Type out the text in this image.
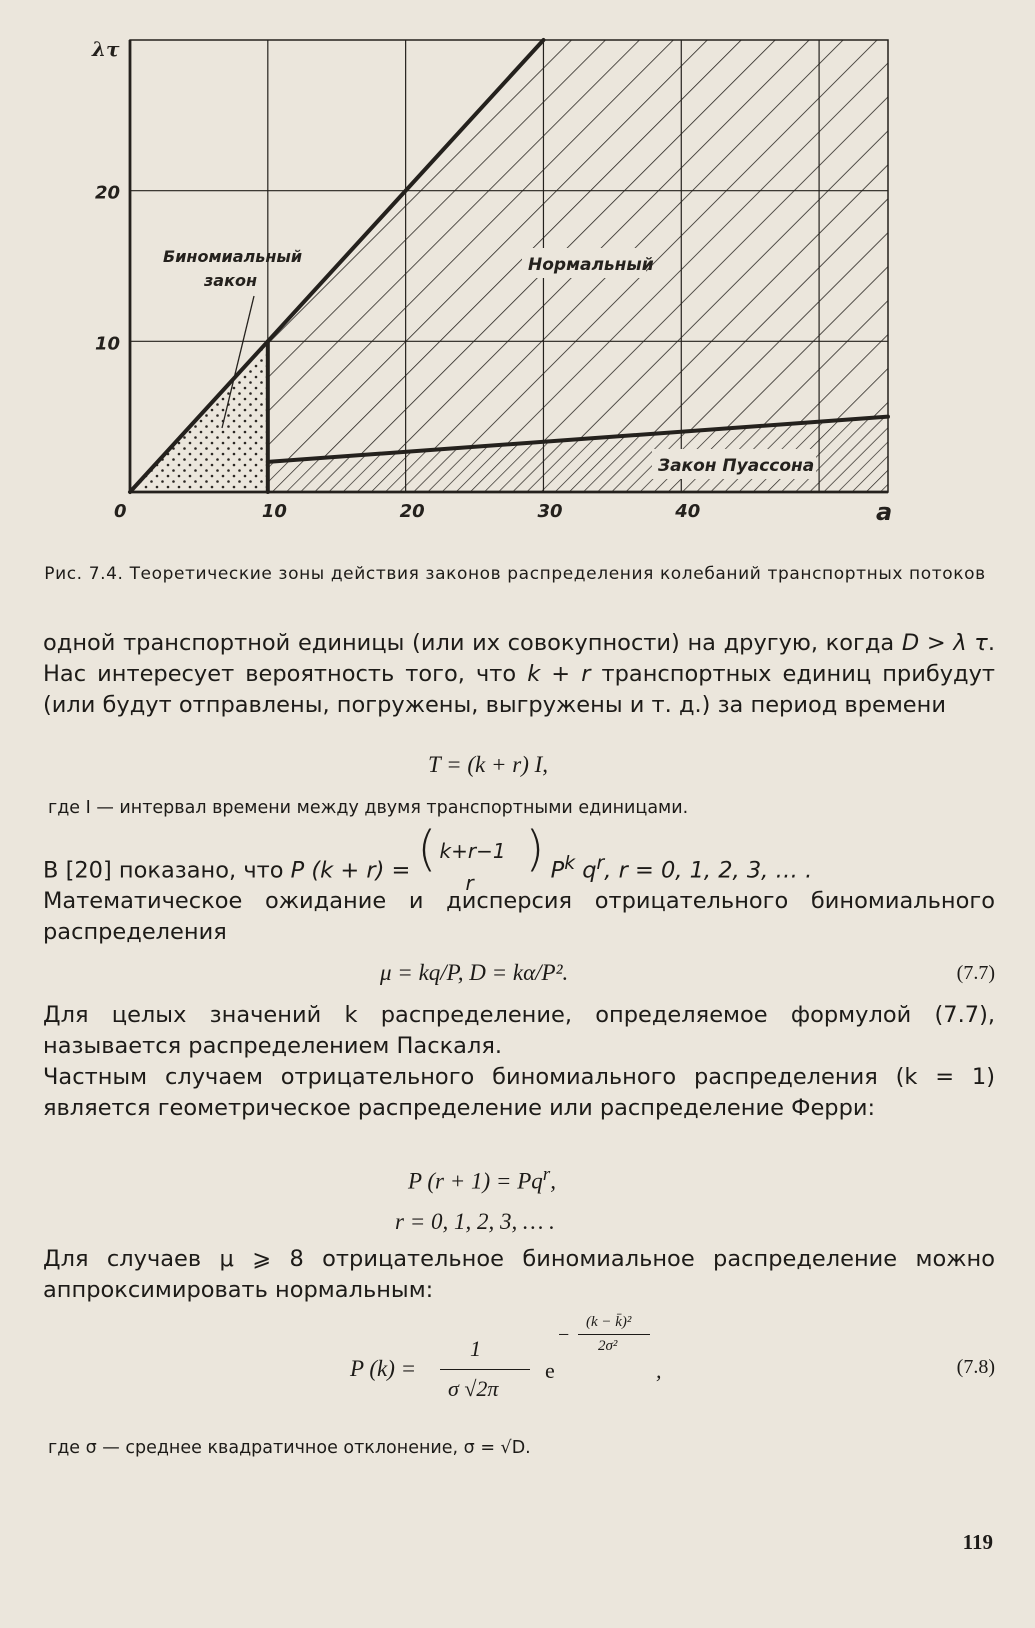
0	10	20	30	40
10
20
a
λτ
Биномиальный
закон
Нормальный
Закон Пуассона
Рис. 7.4. Теоретические зоны действия законов распределения колебаний транспортных потоков
одной транспортной единицы (или их совокупности) на другую, когда D > λ τ. Нас интересует вероятность того, что k + r транспортных единиц прибудут (или будут отправлены, погружены, выгружены и т. д.) за период времени
T = (k + r) I,
где I — интервал времени между двумя транспортными единицами.
В [20] показано, что P (k + r) = ( k+r−1
r
) $P^k$ $q^r$, r = 0, 1, 2, 3, … .
Математическое ожидание и дисперсия отрицательного биномиального распределения
μ = kq/P, D = kα/P².	(7.7)
Для целых значений k распределение, определяемое формулой (7.7), называется распределением Паскаля.
Частным случаем отрицательного биномиального распределения (k = 1) является геометрическое распределение или распределение Ферри:
P $(r + 1) = Pq^r$,
r = 0, 1, 2, 3, … .
Для случаев μ ⩾ 8 отрицательное биномиальное распределение можно аппроксимировать нормальным:
P (k) =
1
σ √2π
e
−
(k − k̄)²
2σ²
,	(7.8)
где σ — среднее квадратичное отклонение, σ = √D.
119
